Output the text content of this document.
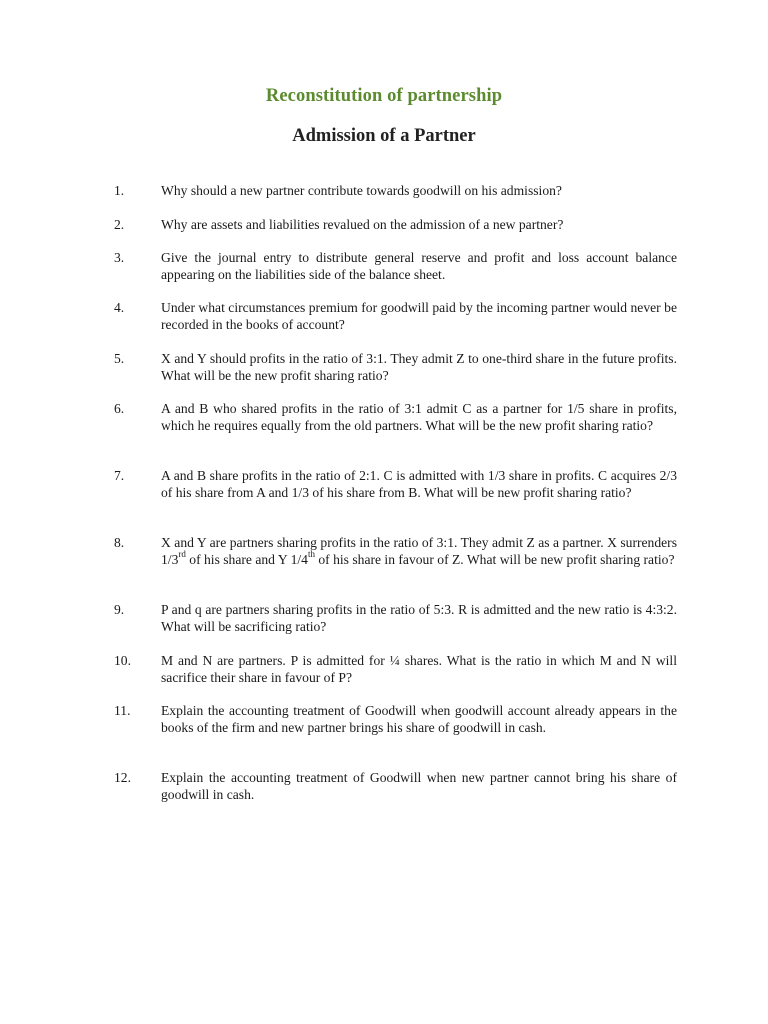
Reconstitution of partnership
Admission of a Partner
1.	Why should a new partner contribute towards goodwill on his admission?
2.	Why are assets and liabilities revalued on the admission of a new partner?
3.	Give the journal entry to distribute general reserve and profit and loss account balance appearing on the liabilities side of the balance sheet.
4.	Under what circumstances premium for goodwill paid by the incoming partner would never be recorded in the books of account?
5.	X and Y should profits in the ratio of 3:1. They admit Z to one-third share in the future profits. What will be the new profit sharing ratio?
6.	A and B who shared profits in the ratio of 3:1 admit C as a partner for 1/5 share in profits, which he requires equally from the old partners. What will be the new profit sharing ratio?
7.	A and B share profits in the ratio of 2:1. C is admitted with 1/3 share in profits. C acquires 2/3 of his share from A and 1/3 of his share from B. What will be new profit sharing ratio?
8.	X and Y are partners sharing profits in the ratio of 3:1. They admit Z as a partner. X surrenders 1/3rd of his share and Y 1/4th of his share in favour of Z. What will be new profit sharing ratio?
9.	P and q are partners sharing profits in the ratio of 5:3. R is admitted and the new ratio is 4:3:2. What will be sacrificing ratio?
10. M and N are partners. P is admitted for ¼ shares. What is the ratio in which M and N will sacrifice their share in favour of P?
11. Explain the accounting treatment of Goodwill when goodwill account already appears in the books of the firm and new partner brings his share of goodwill in cash.
12. Explain the accounting treatment of Goodwill when new partner cannot bring his share of goodwill in cash.
